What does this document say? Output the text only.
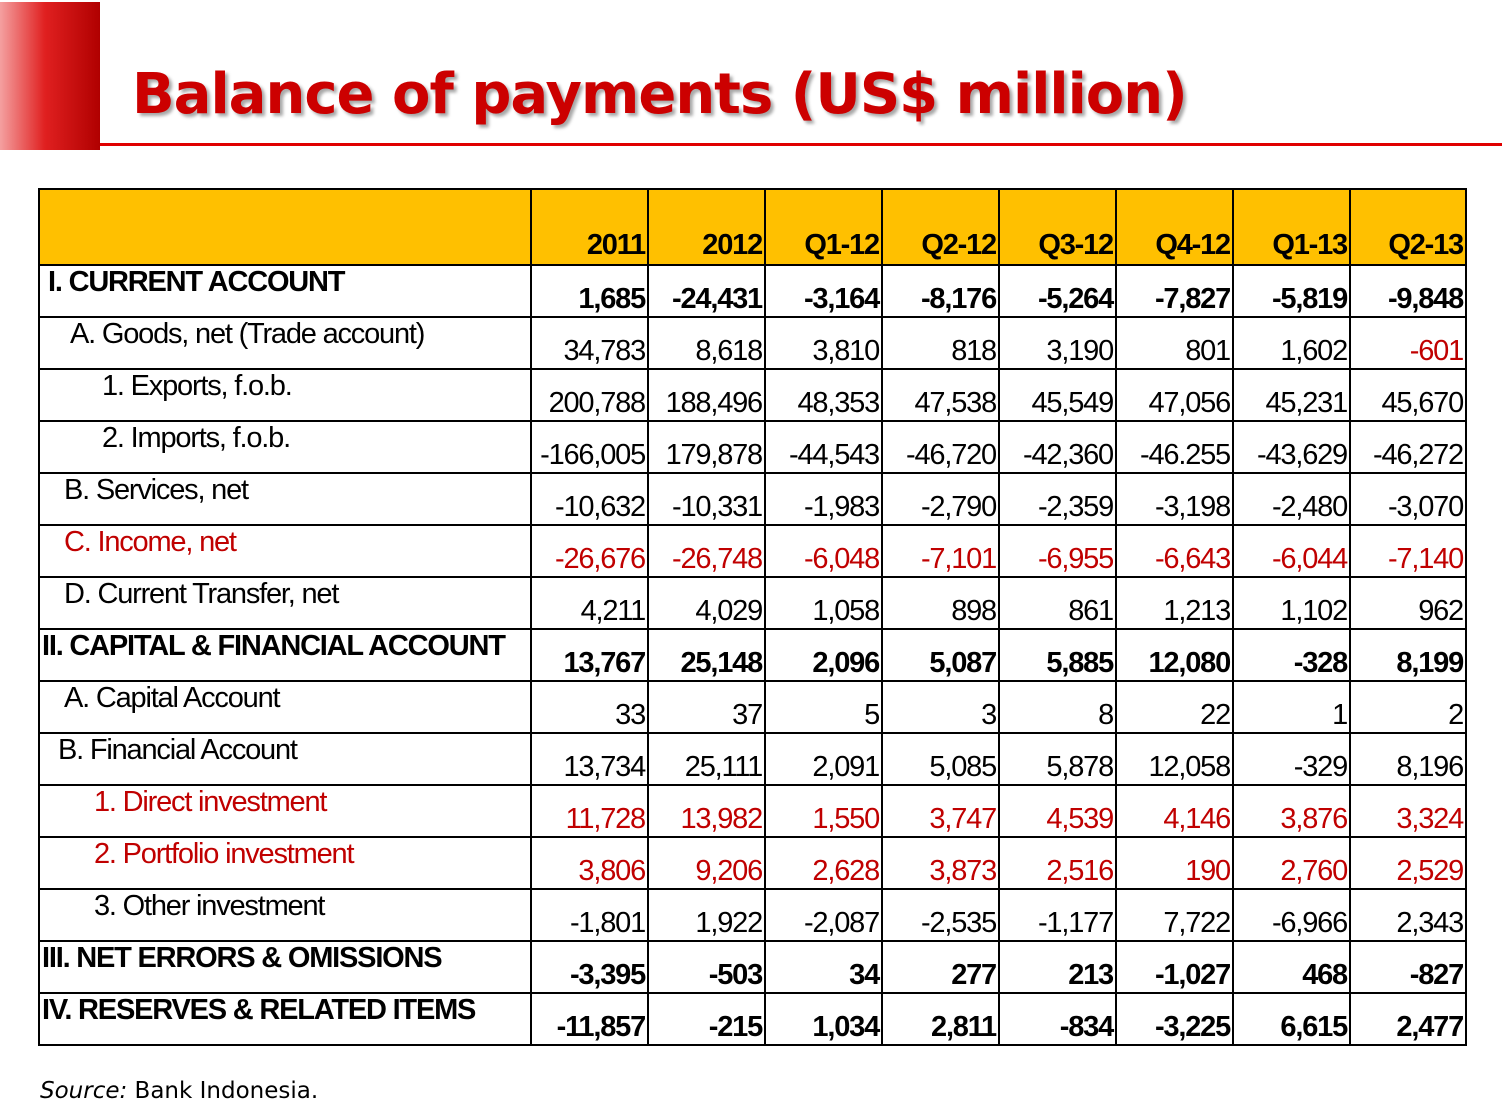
Balance of payments (US$ million)
	2011	2012	Q1-12	Q2-12	Q3-12	Q4-12	Q1-13	Q2-13
I. CURRENT ACCOUNT	1,685	-24,431	-3,164	-8,176	-5,264	-7,827	-5,819	-9,848
A. Goods, net (Trade account)	34,783	8,618	3,810	818	3,190	801	1,602	-601
1. Exports, f.o.b.	200,788	188,496	48,353	47,538	45,549	47,056	45,231	45,670
2. Imports, f.o.b.	-166,005	179,878	-44,543	-46,720	-42,360	-46.255	-43,629	-46,272
B. Services, net	-10,632	-10,331	-1,983	-2,790	-2,359	-3,198	-2,480	-3,070
C. Income, net	-26,676	-26,748	-6,048	-7,101	-6,955	-6,643	-6,044	-7,140
D. Current Transfer, net	4,211	4,029	1,058	898	861	1,213	1,102	962
II. CAPITAL & FINANCIAL ACCOUNT	13,767	25,148	2,096	5,087	5,885	12,080	-328	8,199
A. Capital Account	33	37	5	3	8	22	1	2
B. Financial Account	13,734	25,111	2,091	5,085	5,878	12,058	-329	8,196
1. Direct investment	11,728	13,982	1,550	3,747	4,539	4,146	3,876	3,324
2. Portfolio investment	3,806	9,206	2,628	3,873	2,516	190	2,760	2,529
3. Other investment	-1,801	1,922	-2,087	-2,535	-1,177	7,722	-6,966	2,343
III. NET ERRORS & OMISSIONS	-3,395	-503	34	277	213	-1,027	468	-827
IV. RESERVES & RELATED ITEMS	-11,857	-215	1,034	2,811	-834	-3,225	6,615	2,477
Source: Bank Indonesia.
